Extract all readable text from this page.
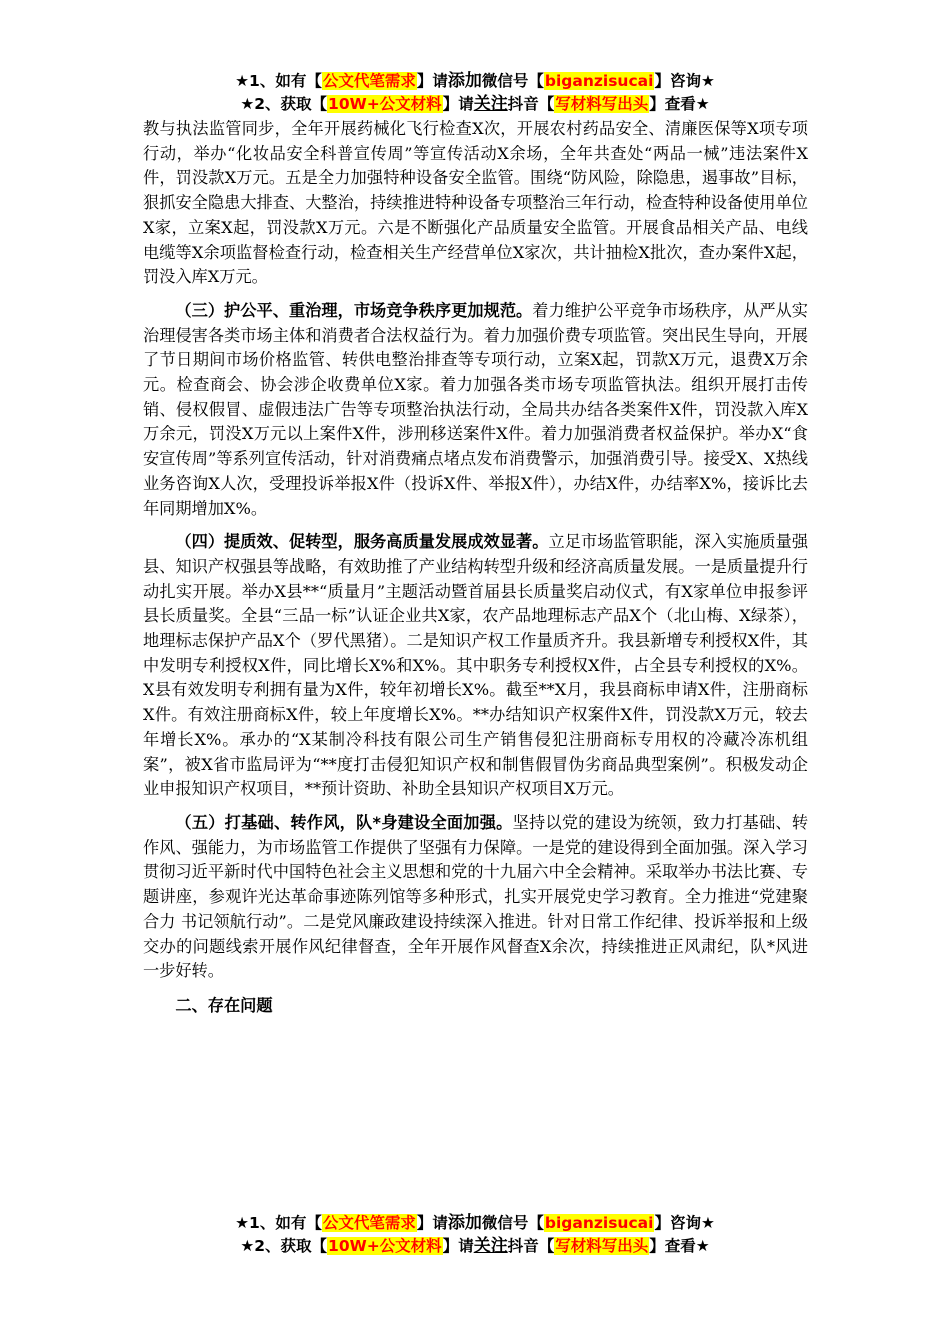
★1、如有【公文代笔需求】请添加微信号【biganzisucai】咨询★
★2、获取【10W+公文材料】请关注抖音【写材料写出头】查看★

教与执法监管同步，全年开展药械化飞行检查X次，开展农村药品安全、清廉医保等X项专项行动，举办“化妆品安全科普宣传周”等宣传活动X余场，全年共查处“两品一械”违法案件X件，罚没款X万元。五是全力加强特种设备安全监管。围绕“防风险，除隐患，遏事故”目标，狠抓安全隐患大排查、大整治，持续推进特种设备专项整治三年行动，检查特种设备使用单位X家，立案X起，罚没款X万元。六是不断强化产品质量安全监管。开展食品相关产品、电线电缆等X余项监督检查行动，检查相关生产经营单位X家次，共计抽检X批次，查办案件X起，罚没入库X万元。

（三）护公平、重治理，市场竞争秩序更加规范。着力维护公平竞争市场秩序，从严从实治理侵害各类市场主体和消费者合法权益行为。着力加强价费专项监管。突出民生导向，开展了节日期间市场价格监管、转供电整治排查等专项行动，立案X起，罚款X万元，退费X万余元。检查商会、协会涉企收费单位X家。着力加强各类市场专项监管执法。组织开展打击传销、侵权假冒、虚假违法广告等专项整治执法行动，全局共办结各类案件X件，罚没款入库X万余元，罚没X万元以上案件X件，涉刑移送案件X件。着力加强消费者权益保护。举办X“食安宣传周”等系列宣传活动，针对消费痛点堵点发布消费警示，加强消费引导。接受X、X热线业务咨询X人次，受理投诉举报X件（投诉X件、举报X件），办结X件，办结率X%，接诉比去年同期增加X%。

（四）提质效、促转型，服务高质量发展成效显著。立足市场监管职能，深入实施质量强县、知识产权强县等战略，有效助推了产业结构转型升级和经济高质量发展。一是质量提升行动扎实开展。举办X县**“质量月”主题活动暨首届县长质量奖启动仪式，有X家单位申报参评县长质量奖。全县“三品一标”认证企业共X家，农产品地理标志产品X个（北山梅、X绿茶），地理标志保护产品X个（罗代黑猪）。二是知识产权工作量质齐升。我县新增专利授权X件，其中发明专利授权X件，同比增长X%和X%。其中职务专利授权X件，占全县专利授权的X%。X县有效发明专利拥有量为X件，较年初增长X%。截至**X月，我县商标申请X件，注册商标X件。有效注册商标X件，较上年度增长X%。**办结知识产权案件X件，罚没款X万元，较去年增长X%。承办的“X某制冷科技有限公司生产销售侵犯注册商标专用权的冷藏冷冻机组案”，被X省市监局评为“**度打击侵犯知识产权和制售假冒伪劣商品典型案例”。积极发动企业申报知识产权项目，**预计资助、补助全县知识产权项目X万元。

（五）打基础、转作风，队*身建设全面加强。坚持以党的建设为统领，致力打基础、转作风、强能力，为市场监管工作提供了坚强有力保障。一是党的建设得到全面加强。深入学习贯彻习近平新时代中国特色社会主义思想和党的十九届六中全会精神。采取举办书法比赛、专题讲座，参观许光达革命事迹陈列馆等多种形式，扎实开展党史学习教育。全力推进“党建聚合力 书记领航行动”。二是党风廉政建设持续深入推进。针对日常工作纪律、投诉举报和上级交办的问题线索开展作风纪律督查，全年开展作风督查X余次，持续推进正风肃纪，队*风进一步好转。

二、存在问题
★1、如有【公文代笔需求】请添加微信号【biganzisucai】咨询★
★2、获取【10W+公文材料】请关注抖音【写材料写出头】查看★
